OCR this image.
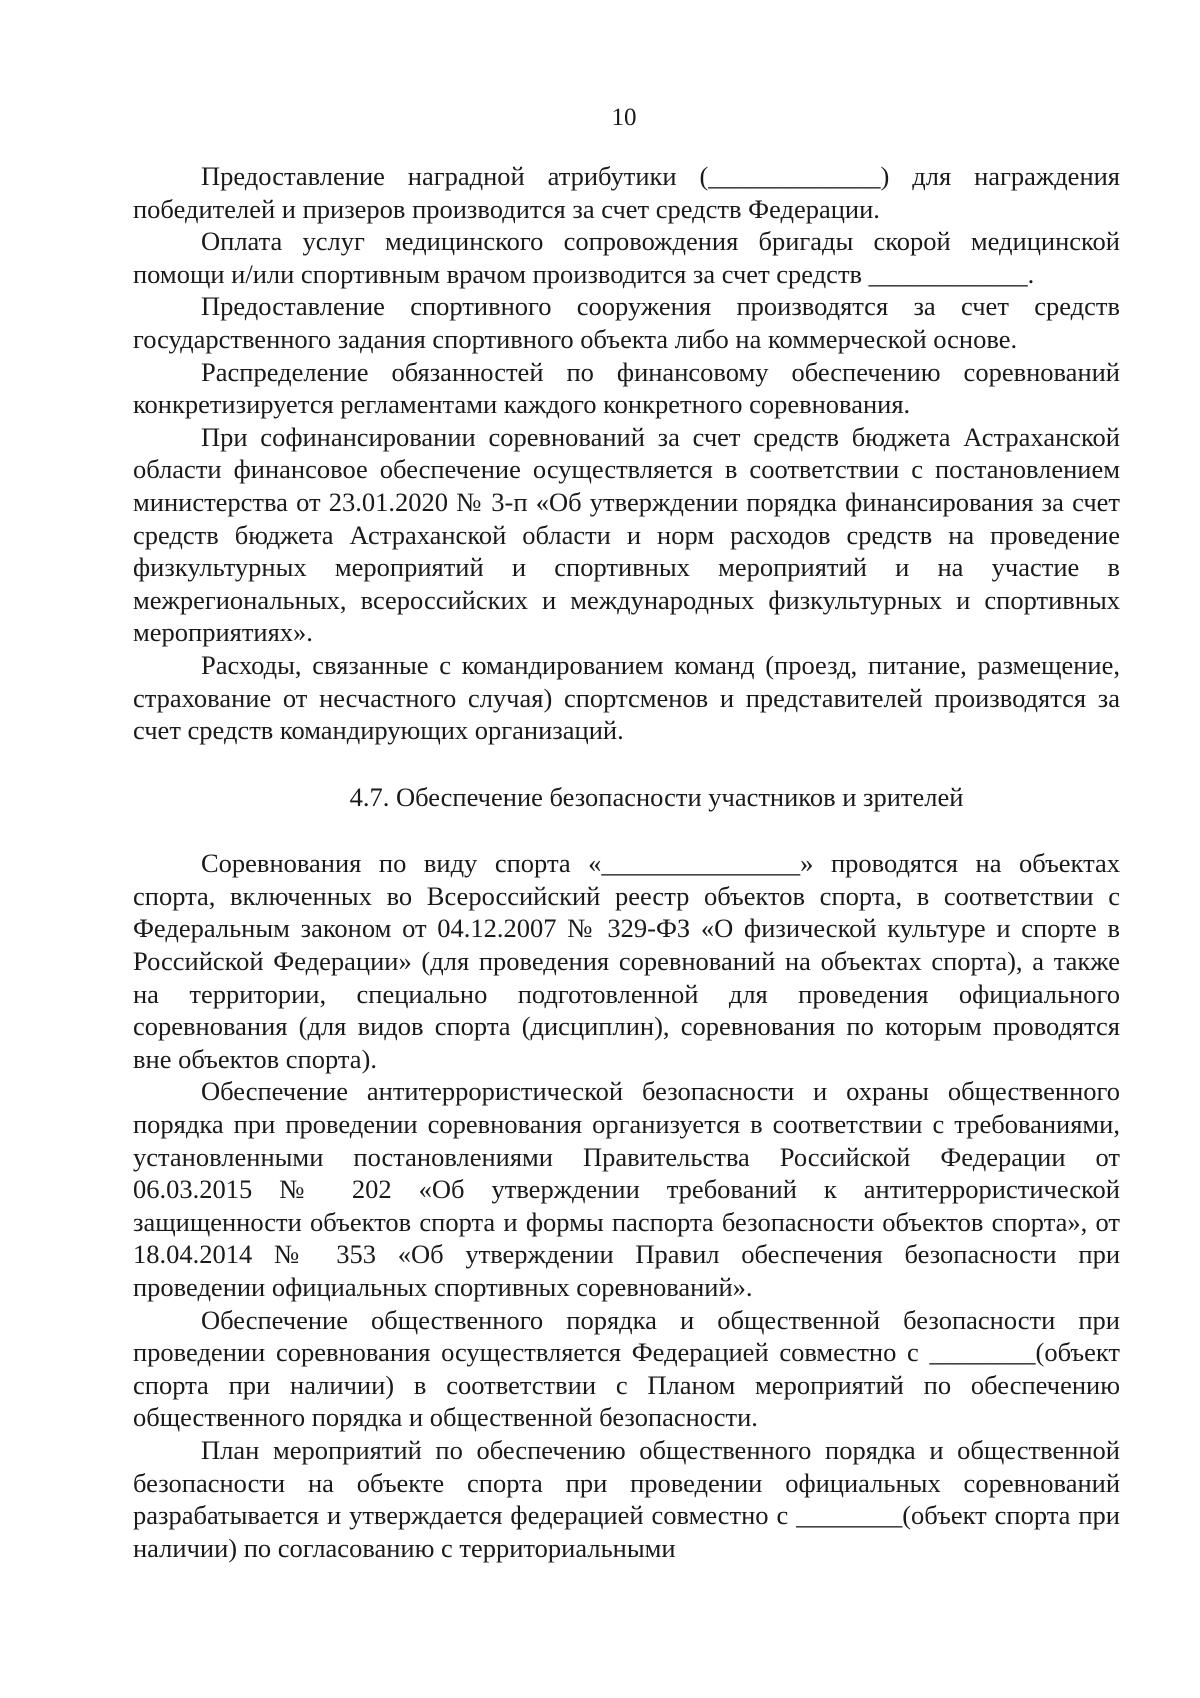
10

Предоставление наградной атрибутики (_____________) для награждения победителей и призеров производится за счет средств Федерации.

Оплата услуг медицинского сопровождения бригады скорой медицинской помощи и/или спортивным врачом производится за счет средств ____________.

Предоставление спортивного сооружения производятся за счет средств государственного задания спортивного объекта либо на коммерческой основе.

Распределение обязанностей по финансовому обеспечению соревнований конкретизируется регламентами каждого конкретного соревнования.

При софинансировании соревнований за счет средств бюджета Астраханской области финансовое обеспечение осуществляется в соответствии с постановлением министерства от 23.01.2020 № 3-п «Об утверждении порядка финансирования за счет средств бюджета Астраханской области и норм расходов средств на проведение физкультурных мероприятий и спортивных мероприятий и на участие в межрегиональных, всероссийских и международных физкультурных и спортивных мероприятиях».

Расходы, связанные с командированием команд (проезд, питание, размещение, страхование от несчастного случая) спортсменов и представителей производятся за счет средств командирующих организаций.

4.7. Обеспечение безопасности участников и зрителей

Соревнования по виду спорта «_______________» проводятся на объектах спорта, включенных во Всероссийский реестр объектов спорта, в соответствии с Федеральным законом от 04.12.2007 № 329-ФЗ «О физической культуре и спорте в Российской Федерации» (для проведения соревнований на объектах спорта), а также на территории, специально подготовленной для проведения официального соревнования (для видов спорта (дисциплин), соревнования по которым проводятся вне объектов спорта).

Обеспечение антитеррористической безопасности и охраны общественного порядка при проведении соревнования организуется в соответствии с требованиями, установленными постановлениями Правительства Российской Федерации от 06.03.2015 № 202 «Об утверждении требований к антитеррористической защищенности объектов спорта и формы паспорта безопасности объектов спорта», от 18.04.2014 № 353 «Об утверждении Правил обеспечения безопасности при проведении официальных спортивных соревнований».

Обеспечение общественного порядка и общественной безопасности при проведении соревнования осуществляется Федерацией совместно с ________(объект спорта при наличии) в соответствии с Планом мероприятий по обеспечению общественного порядка и общественной безопасности.

План мероприятий по обеспечению общественного порядка и общественной безопасности на объекте спорта при проведении официальных соревнований разрабатывается и утверждается федерацией совместно с ________(объект спорта при наличии) по согласованию с территориальными
